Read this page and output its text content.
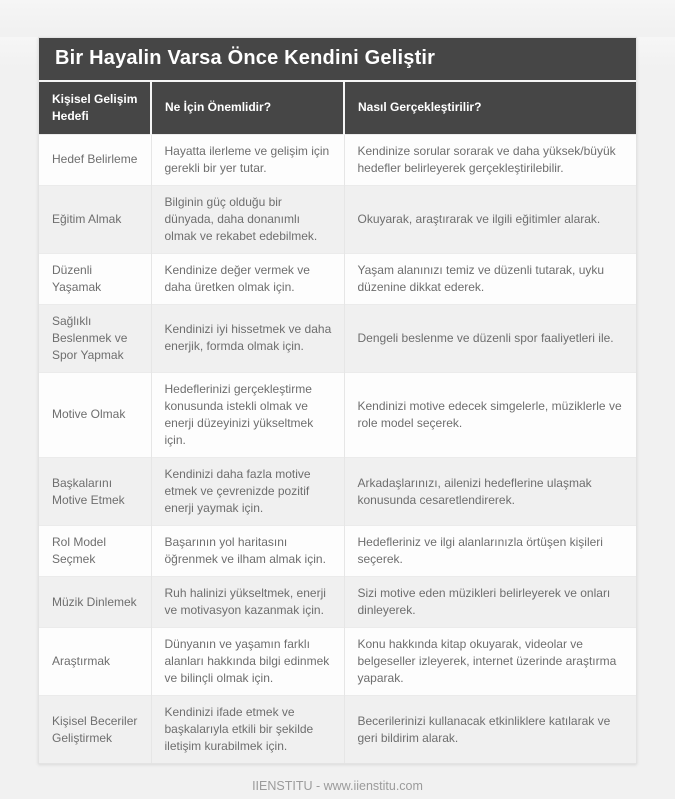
Bir Hayalin Varsa Önce Kendini Geliştir
Kişisel Gelişim Hedefi	Ne İçin Önemlidir?	Nasıl Gerçekleştirilir?
Hedef Belirleme	Hayatta ilerleme ve gelişim için gerekli bir yer tutar.	Kendinize sorular sorarak ve daha yüksek/büyük hedefler belirleyerek gerçekleştirilebilir.
Eğitim Almak	Bilginin güç olduğu bir dünyada, daha donanımlı olmak ve rekabet edebilmek.	Okuyarak, araştırarak ve ilgili eğitimler alarak.
Düzenli Yaşamak	Kendinize değer vermek ve daha üretken olmak için.	Yaşam alanınızı temiz ve düzenli tutarak, uyku düzenine dikkat ederek.
Sağlıklı Beslenmek ve Spor Yapmak	Kendinizi iyi hissetmek ve daha enerjik, formda olmak için.	Dengeli beslenme ve düzenli spor faaliyetleri ile.
Motive Olmak	Hedeflerinizi gerçekleştirme konusunda istekli olmak ve enerji düzeyinizi yükseltmek için.	Kendinizi motive edecek simgelerle, müziklerle ve role model seçerek.
Başkalarını Motive Etmek	Kendinizi daha fazla motive etmek ve çevrenizde pozitif enerji yaymak için.	Arkadaşlarınızı, ailenizi hedeflerine ulaşmak konusunda cesaretlendirerek.
Rol Model Seçmek	Başarının yol haritasını öğrenmek ve ilham almak için.	Hedefleriniz ve ilgi alanlarınızla örtüşen kişileri seçerek.
Müzik Dinlemek	Ruh halinizi yükseltmek, enerji ve motivasyon kazanmak için.	Sizi motive eden müzikleri belirleyerek ve onları dinleyerek.
Araştırmak	Dünyanın ve yaşamın farklı alanları hakkında bilgi edinmek ve bilinçli olmak için.	Konu hakkında kitap okuyarak, videolar ve belgeseller izleyerek, internet üzerinde araştırma yaparak.
Kişisel Beceriler Geliştirmek	Kendinizi ifade etmek ve başkalarıyla etkili bir şekilde iletişim kurabilmek için.	Becerilerinizi kullanacak etkinliklere katılarak ve geri bildirim alarak.
IIENSTITU - www.iienstitu.com
